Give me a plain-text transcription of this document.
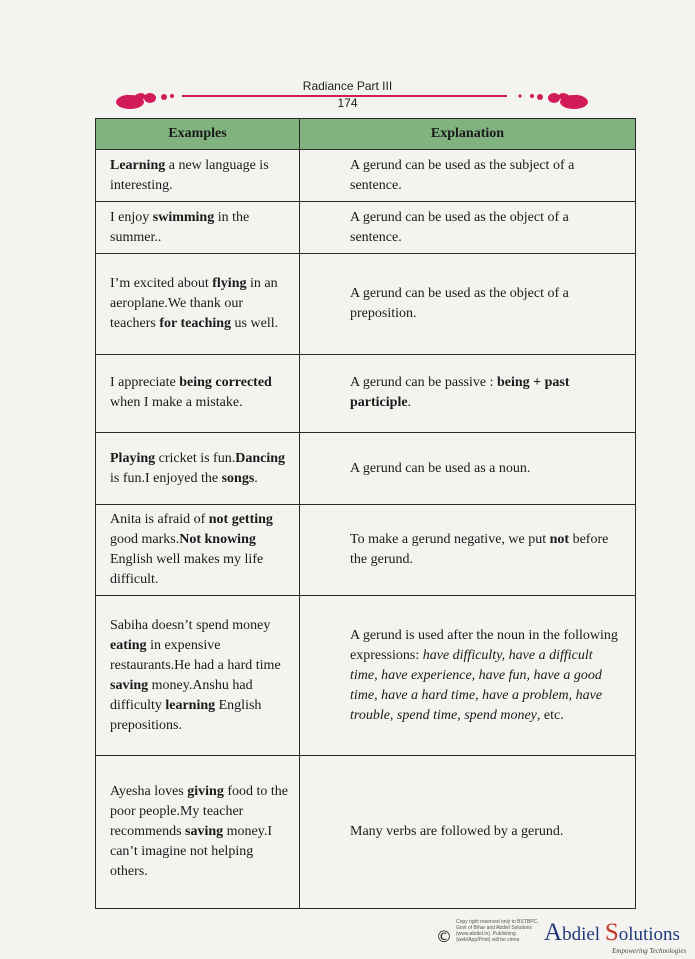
Radiance Part III
174
Examples	Explanation
Learning a new language is interesting.	A gerund can be used as the subject of a sentence.
I enjoy swimming in the summer..	A gerund can be used as the object of a sentence.
I’m excited about flying in an aeroplane.We thank our teachers for teaching us well.	A gerund can be used as the object of a preposition.
I appreciate being corrected when I make a mistake.	A gerund can be passive : being + past participle.
Playing cricket is fun.Dancing is fun.I enjoyed the songs.	A gerund can be used as a noun.
Anita is afraid of not getting good marks.Not knowing English well makes my life difficult.	To make a gerund negative, we put not before the gerund.
Sabiha doesn’t spend money eating in expensive restaurants.He had a hard time saving money.Anshu had difficulty learning English prepositions.	A gerund is used after the noun in the following expressions: have difficulty, have a difficult time, have experience, have fun, have a good time, have a hard time, have a problem, have trouble, spend time, spend money, etc.
Ayesha loves giving food to the poor people.My teacher recommends saving money.I can’t imagine not helping others.	Many verbs are followed by a gerund.
©
Copy right reserved only to BSTBPC, Govt of Bihar and Abdiel Solutions (www.abdiel.in). Publishing (web/App/Print) will be crime Abdiel Solutions
Empowering Technologies
